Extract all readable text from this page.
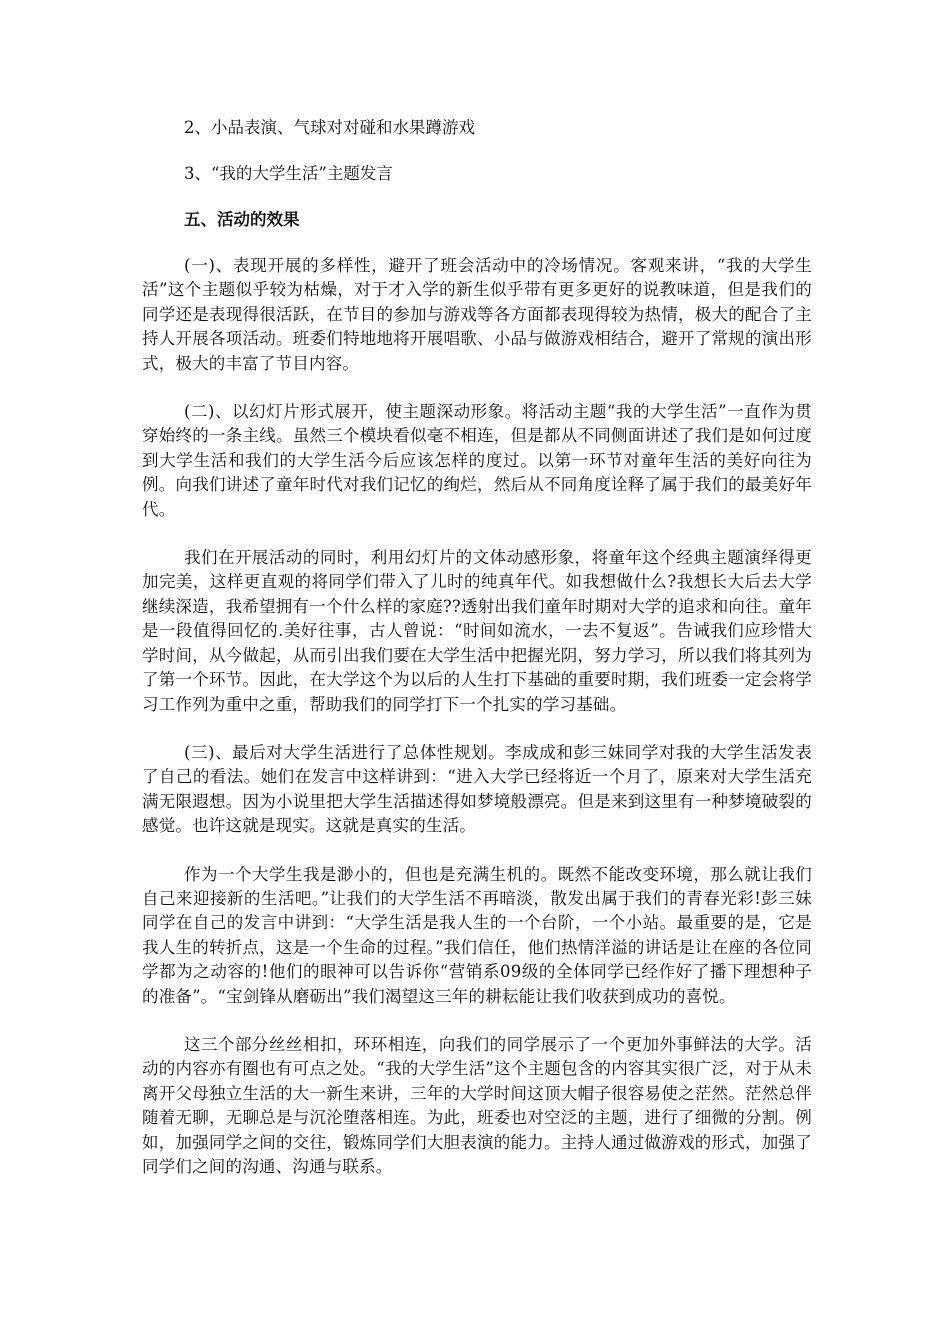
2、小品表演、气球对对碰和水果蹲游戏

3、“我的大学生活”主题发言

五、活动的效果

(一)、表现开展的多样性，避开了班会活动中的冷场情况。客观来讲，“我的大学生活”这个主题似乎较为枯燥，对于才入学的新生似乎带有更多更好的说教味道，但是我们的同学还是表现得很活跃，在节目的参加与游戏等各方面都表现得较为热情，极大的配合了主持人开展各项活动。班委们特地地将开展唱歌、小品与做游戏相结合，避开了常规的演出形式，极大的丰富了节目内容。

(二)、以幻灯片形式展开，使主题深动形象。将活动主题“我的大学生活”一直作为贯穿始终的一条主线。虽然三个模块看似毫不相连，但是都从不同侧面讲述了我们是如何过度到大学生活和我们的大学生活今后应该怎样的度过。以第一环节对童年生活的美好向往为例。向我们讲述了童年时代对我们记忆的绚烂，然后从不同角度诠释了属于我们的最美好年代。

我们在开展活动的同时，利用幻灯片的文体动感形象，将童年这个经典主题演绎得更加完美，这样更直观的将同学们带入了儿时的纯真年代。如我想做什么?我想长大后去大学继续深造，我希望拥有一个什么样的家庭??透射出我们童年时期对大学的追求和向往。童年是一段值得回忆的.美好往事，古人曾说：“时间如流水，一去不复返”。告诫我们应珍惜大学时间，从今做起，从而引出我们要在大学生活中把握光阴，努力学习，所以我们将其列为了第一个环节。因此，在大学这个为以后的人生打下基础的重要时期，我们班委一定会将学习工作列为重中之重，帮助我们的同学打下一个扎实的学习基础。

(三)、最后对大学生活进行了总体性规划。李成成和彭三妹同学对我的大学生活发表了自己的看法。她们在发言中这样讲到：“进入大学已经将近一个月了，原来对大学生活充满无限遐想。因为小说里把大学生活描述得如梦境般漂亮。但是来到这里有一种梦境破裂的感觉。也许这就是现实。这就是真实的生活。

作为一个大学生我是渺小的，但也是充满生机的。既然不能改变环境，那么就让我们自己来迎接新的生活吧。”让我们的大学生活不再暗淡，散发出属于我们的青春光彩!彭三妹同学在自己的发言中讲到：“大学生活是我人生的一个台阶，一个小站。最重要的是，它是我人生的转折点，这是一个生命的过程。”我们信任，他们热情洋溢的讲话是让在座的各位同学都为之动容的!他们的眼神可以告诉你“营销系09级的全体同学已经作好了播下理想种子的准备”。“宝剑锋从磨砺出”我们渴望这三年的耕耘能让我们收获到成功的喜悦。

这三个部分丝丝相扣，环环相连，向我们的同学展示了一个更加外事鲜法的大学。活动的内容亦有圈也有可点之处。“我的大学生活”这个主题包含的内容其实很广泛，对于从未离开父母独立生活的大一新生来讲，三年的大学时间这顶大帽子很容易使之茫然。茫然总伴随着无聊，无聊总是与沉沦堕落相连。为此，班委也对空泛的主题，进行了细微的分割。例如，加强同学之间的交往，锻炼同学们大胆表演的能力。主持人通过做游戏的形式，加强了同学们之间的沟通、沟通与联系。
